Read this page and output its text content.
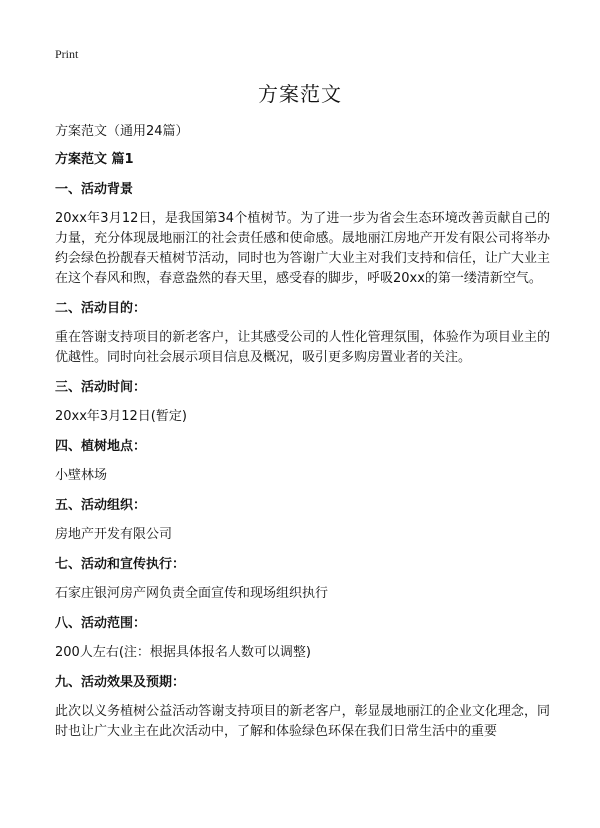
Print
方案范文
方案范文（通用24篇）
方案范文 篇1
一、活动背景
20xx年3月12日，是我国第34个植树节。为了进一步为省会生态环境改善贡献自己的力量，充分体现晟地丽江的社会责任感和使命感。晟地丽江房地产开发有限公司将举办约会绿色扮靓春天植树节活动，同时也为答谢广大业主对我们支持和信任，让广大业主在这个春风和煦，春意盎然的春天里，感受春的脚步，呼吸20xx的第一缕清新空气。
二、活动目的：
重在答谢支持项目的新老客户，让其感受公司的人性化管理氛围，体验作为项目业主的优越性。同时向社会展示项目信息及概况，吸引更多购房置业者的关注。
三、活动时间：
20xx年3月12日(暂定)
四、植树地点：
小壁林场
五、活动组织：
房地产开发有限公司
七、活动和宣传执行：
石家庄银河房产网负责全面宣传和现场组织执行
八、活动范围：
200人左右(注：根据具体报名人数可以调整)
九、活动效果及预期：
此次以义务植树公益活动答谢支持项目的新老客户，彰显晟地丽江的企业文化理念，同时也让广大业主在此次活动中，了解和体验绿色环保在我们日常生活中的重要
